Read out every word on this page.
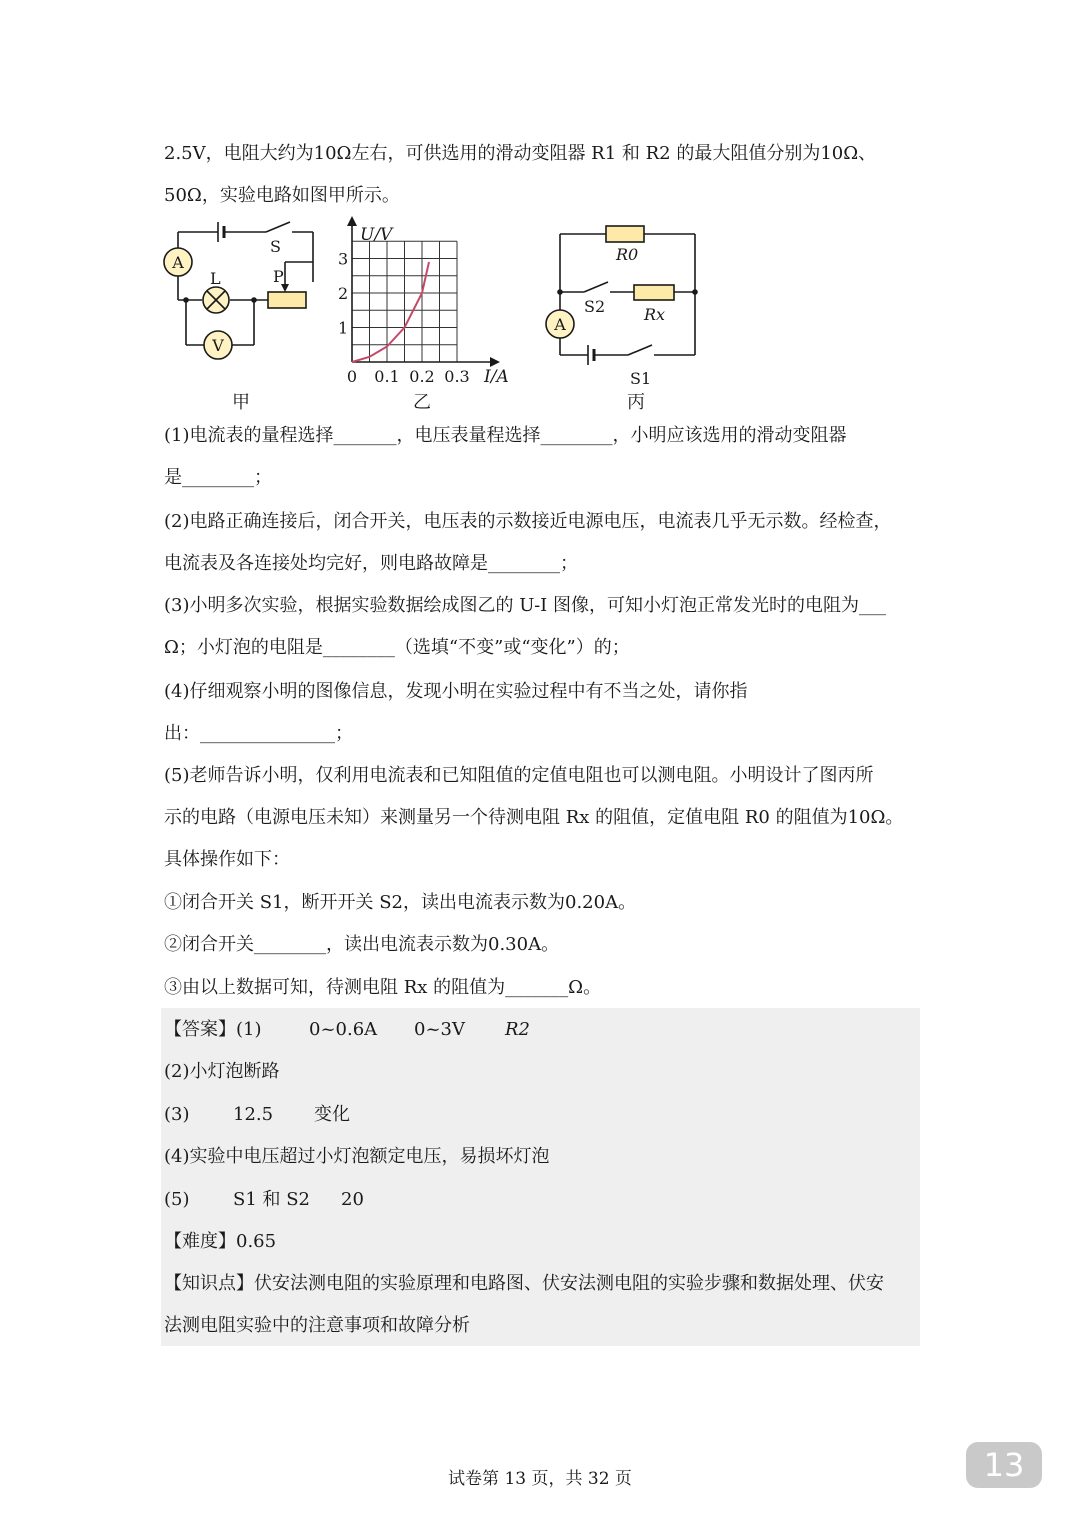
2.5V，电阻大约为10Ω左右，可供选用的滑动变阻器 R1 和 R2 的最大阻值分别为10Ω、
50Ω，实验电路如图甲所示。
A
L	P
S
V
甲
U/V
I/A
1
2
3
0 0.1 0.2 0.3
乙
A
R0
Rx
S2
S1
丙
(1)电流表的量程选择_______，电压表量程选择________，小明应该选用的滑动变阻器
是________；
(2)电路正确连接后，闭合开关，电压表的示数接近电源电压，电流表几乎无示数。经检查，
电流表及各连接处均完好，则电路故障是________；
(3)小明多次实验，根据实验数据绘成图乙的 U-I 图像，可知小灯泡正常发光时的电阻为___
Ω；小灯泡的电阻是________（选填“不变”或“变化”）的；
(4)仔细观察小明的图像信息，发现小明在实验过程中有不当之处，请你指
出：_______________；
(5)老师告诉小明，仅利用电流表和已知阻值的定值电阻也可以测电阻。小明设计了图丙所
示的电路（电源电压未知）来测量另一个待测电阻 Rx 的阻值，定值电阻 R0 的阻值为10Ω。
具体操作如下：
①闭合开关 S1，断开开关 S2，读出电流表示数为0.20A。
②闭合开关________，读出电流表示数为0.30A。
③由以上数据可知，待测电阻 Rx 的阻值为_______Ω。
【答案】(1)	0~0.6A 0~3V R2
(2)小灯泡断路
(3) 12.5 变化
(4)实验中电压超过小灯泡额定电压，易损坏灯泡
(5) S1 和 S2 20
【难度】0.65
【知识点】伏安法测电阻的实验原理和电路图、伏安法测电阻的实验步骤和数据处理、伏安
法测电阻实验中的注意事项和故障分析
试卷第 13 页，共 32 页	13
